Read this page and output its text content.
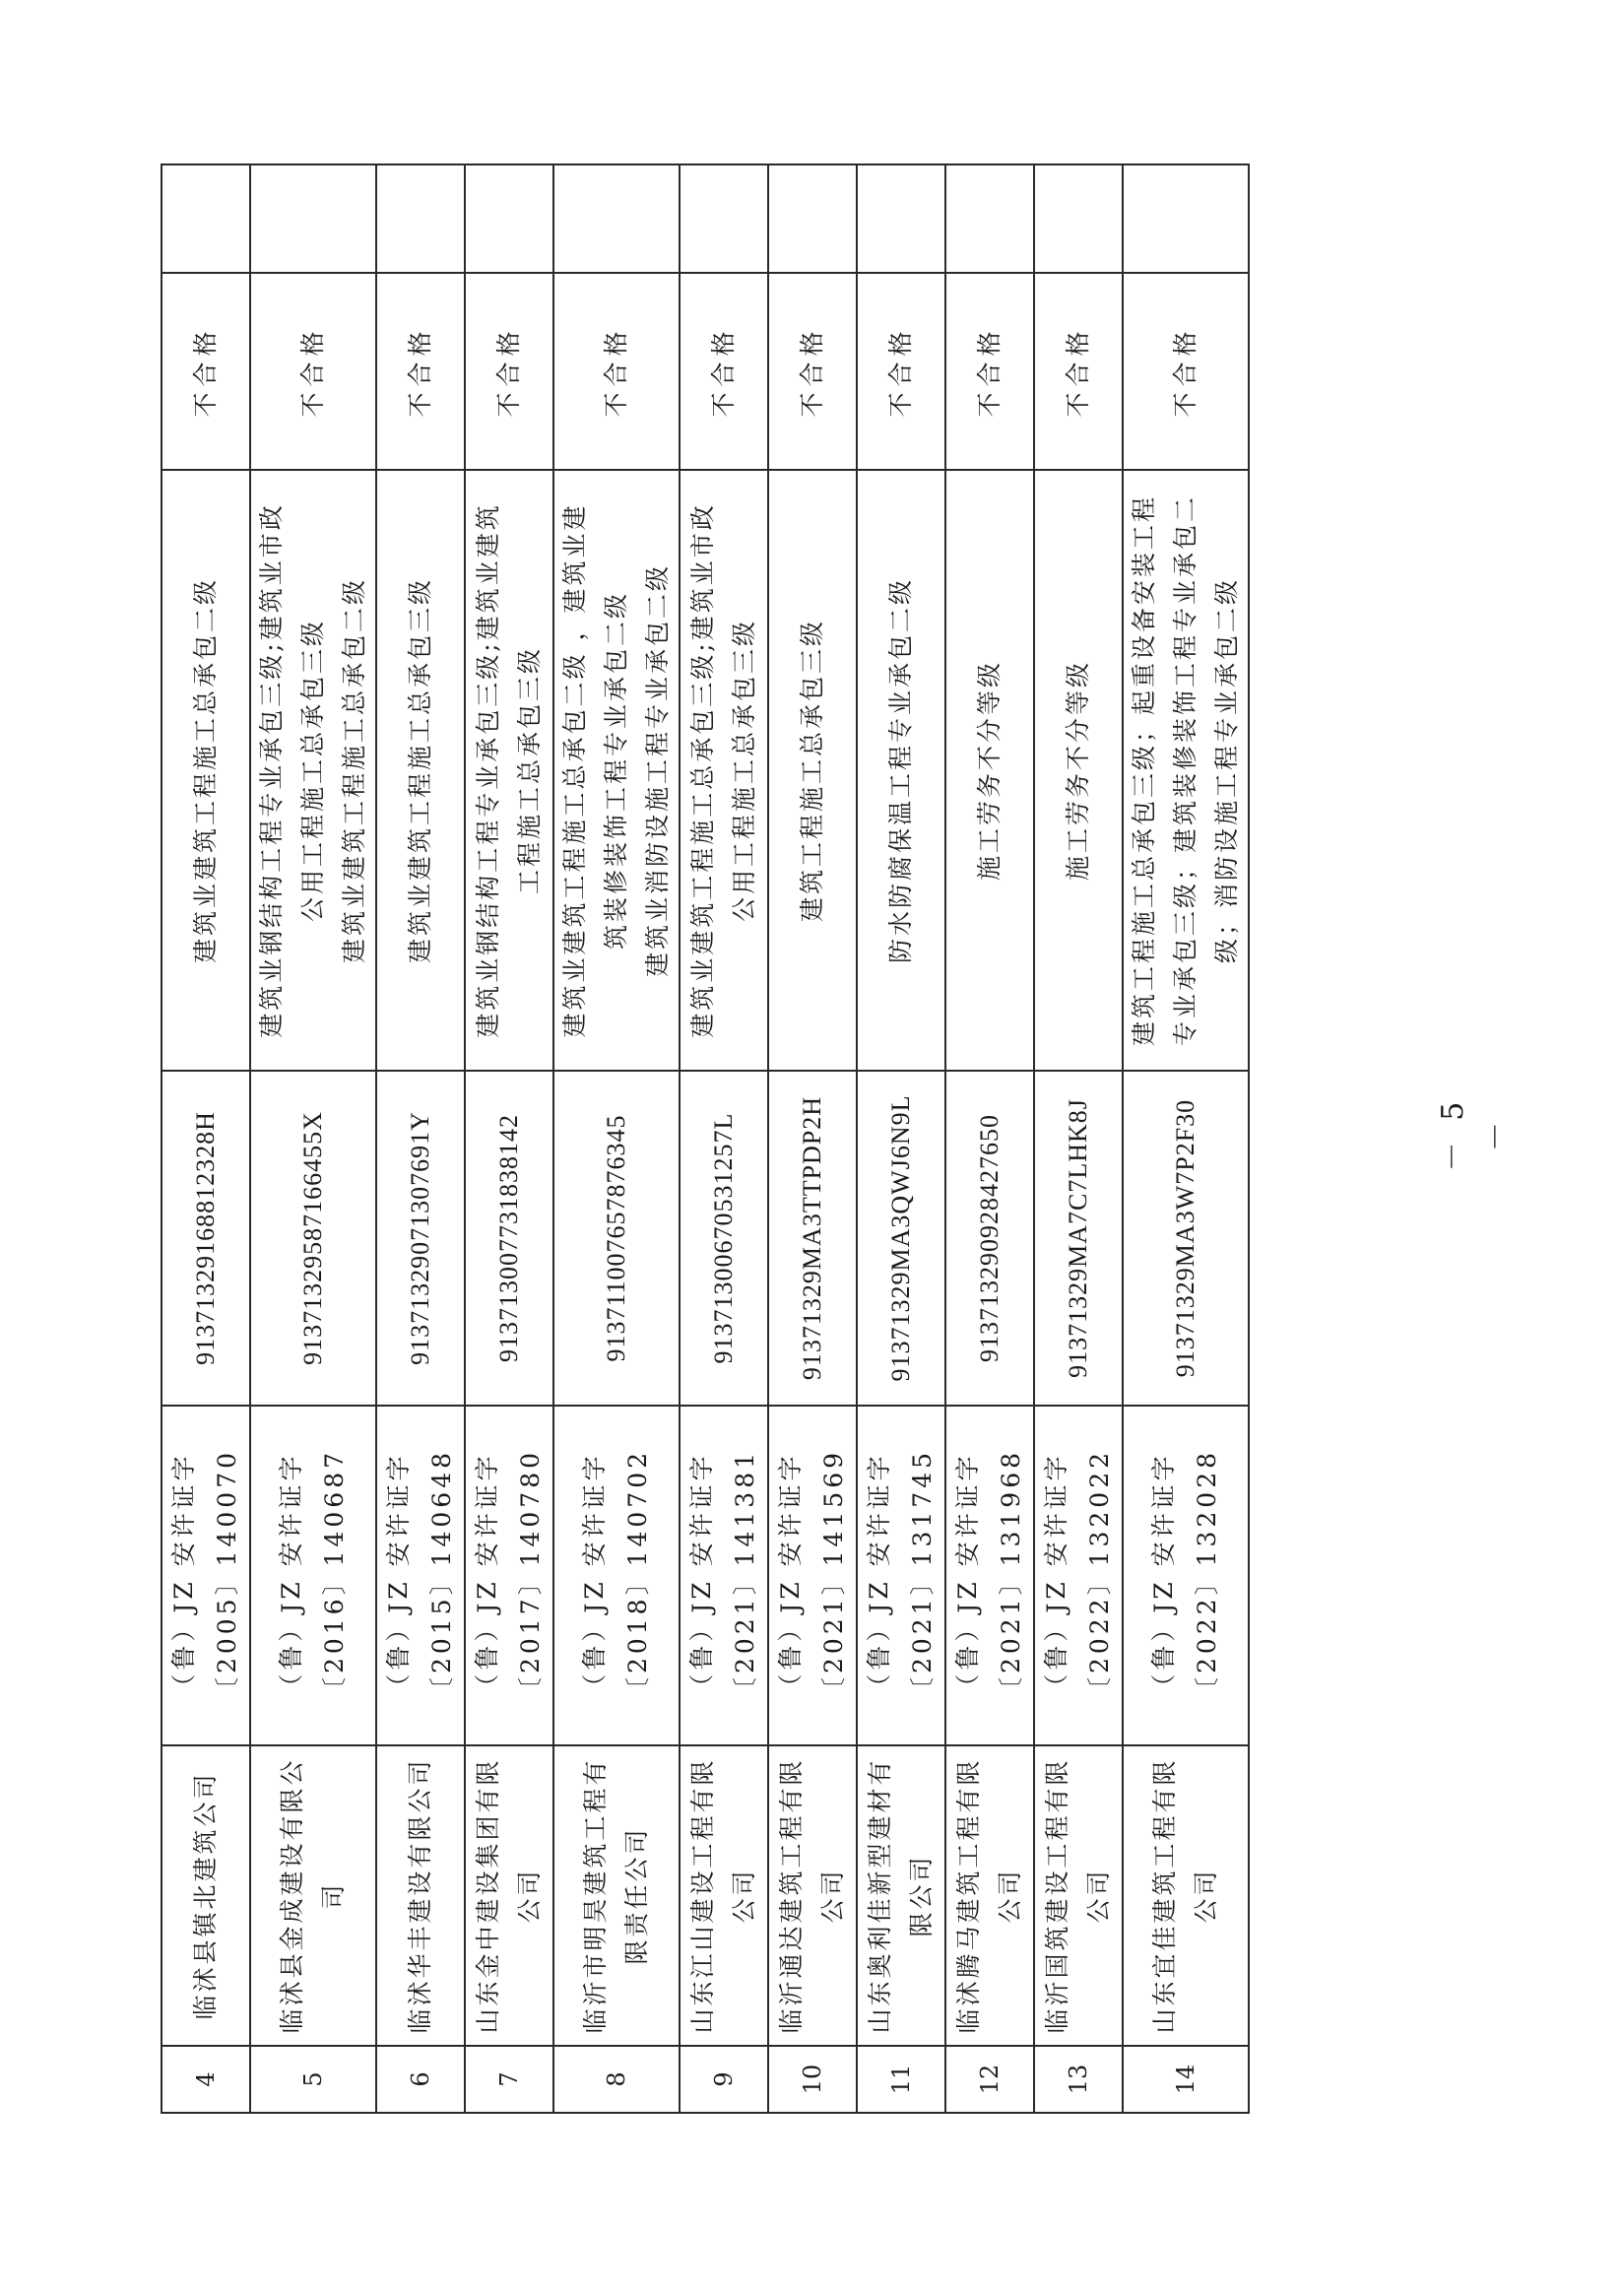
4	临沭县镇北建筑公司	（鲁）JZ 安许证字 〔2005〕140070	91371329168812328H	建筑业建筑工程施工总承包二级	不合格	
5	临沭县金成建设有限公司	（鲁）JZ 安许证字 〔2016〕140687	91371329587166455X	建筑业钢结构工程专业承包三级;建筑业市政 公用工程施工总承包三级 建筑业建筑工程施工总承包二级	不合格	
6	临沭华丰建设有限公司	（鲁）JZ 安许证字 〔2015〕140648	91371329071307691Y	建筑业建筑工程施工总承包三级	不合格	
7	山东金中建设集团有限公司	（鲁）JZ 安许证字 〔2017〕140780	913713007731838142	建筑业钢结构工程专业承包三级;建筑业建筑 工程施工总承包三级	不合格	
8	临沂市明昊建筑工程有限责任公司	（鲁）JZ 安许证字 〔2018〕140702	913711007657876345	建筑业建筑工程施工总承包二级 ，建筑业建 筑装修装饰工程专业承包二级 建筑业消防设施工程专业承包二级	不合格	
9	山东江山建设工程有限公司	（鲁）JZ 安许证字 〔2021〕141381	91371300670531257L	建筑业建筑工程施工总承包三级;建筑业市政 公用工程施工总承包三级	不合格	
10	临沂通达建筑工程有限公司	（鲁）JZ 安许证字 〔2021〕141569	91371329MA3TTPDP2H	建筑工程施工总承包三级	不合格	
11	山东奥利佳新型建材有限公司	（鲁）JZ 安许证字 〔2021〕131745	91371329MA3QWJ6N9L	防水防腐保温工程专业承包二级	不合格	
12	临沭腾马建筑工程有限公司	（鲁）JZ 安许证字 〔2021〕131968	913713290928427650	施工劳务不分等级	不合格	
13	临沂国筑建设工程有限公司	（鲁）JZ 安许证字 〔2022〕132022	91371329MA7C7LHK8J	施工劳务不分等级	不合格	
14	山东宜佳建筑工程有限公司	（鲁）JZ 安许证字 〔2022〕132028	91371329MA3W7P2F30	建筑工程施工总承包三级；起重设备安装工程 专业承包三级；建筑装修装饰工程专业承包二 级；消防设施工程专业承包二级	不合格	
－ 5 －
